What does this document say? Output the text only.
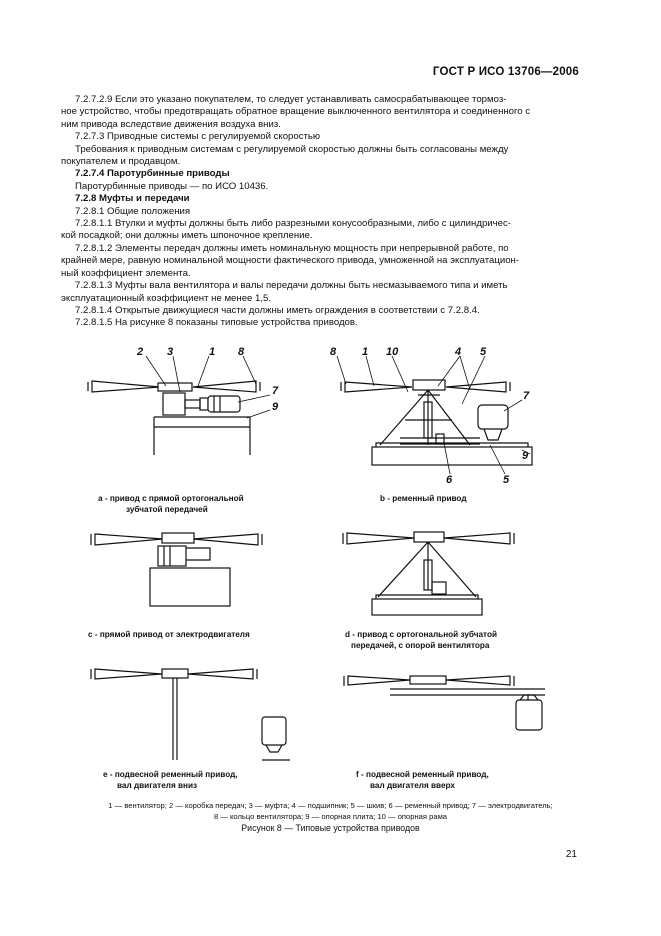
ГОСТ Р ИСО 13706—2006
7.2.7.2.9 Если это указано покупателем, то следует устанавливать самосрабатывающее тормоз-
ное устройство, чтобы предотвращать обратное вращение выключенного вентилятора и соединенного с
ним привода вследствие движения воздуха вниз.
7.2.7.3 Приводные системы с регулируемой скоростью
Требования к приводным системам с регулируемой скоростью должны быть согласованы между
покупателем и продавцом.
7.2.7.4 Паротурбинные приводы
Паротурбинные приводы — по ИСО 10436.
7.2.8 Муфты и передачи
7.2.8.1 Общие положения
7.2.8.1.1 Втулки и муфты должны быть либо разрезными конусообразными, либо с цилиндричес-
кой посадкой; они должны иметь шпоночное крепление.
7.2.8.1.2 Элементы передач должны иметь номинальную мощность при непрерывной работе, по
крайней мере, равную номинальной мощности фактического привода, умноженной на эксплуатацион-
ный коэффициент элемента.
7.2.8.1.3 Муфты вала вентилятора и валы передачи должны быть несмазываемого типа и иметь
эксплуатационный коэффициент не менее 1,5.
7.2.8.1.4 Открытые движущиеся части должны иметь ограждения в соответствии с 7.2.8.4.
7.2.8.1.5 На рисунке 8 показаны типовые устройства приводов.
2 3	1 8
7
9
8 1 10	4 5
7
9
6	5
a - привод с прямой ортогональной
зубчатой передачей
b - ременный привод
c - прямой привод от электродвигателя	d - привод с ортогональной зубчатой
передачей, с опорой вентилятора
e - подвесной ременный привод,
вал двигателя вниз
f - подвесной ременный привод,
вал двигателя вверх
1 — вентилятор; 2 — коробка передач; 3 — муфта; 4 — подшипник; 5 — шкив; 6 — ременный привод; 7 — электродвигатель;
8 — кольцо вентилятора; 9 — опорная плита; 10 — опорная рама
Рисунок 8 — Типовые устройства приводов
21
